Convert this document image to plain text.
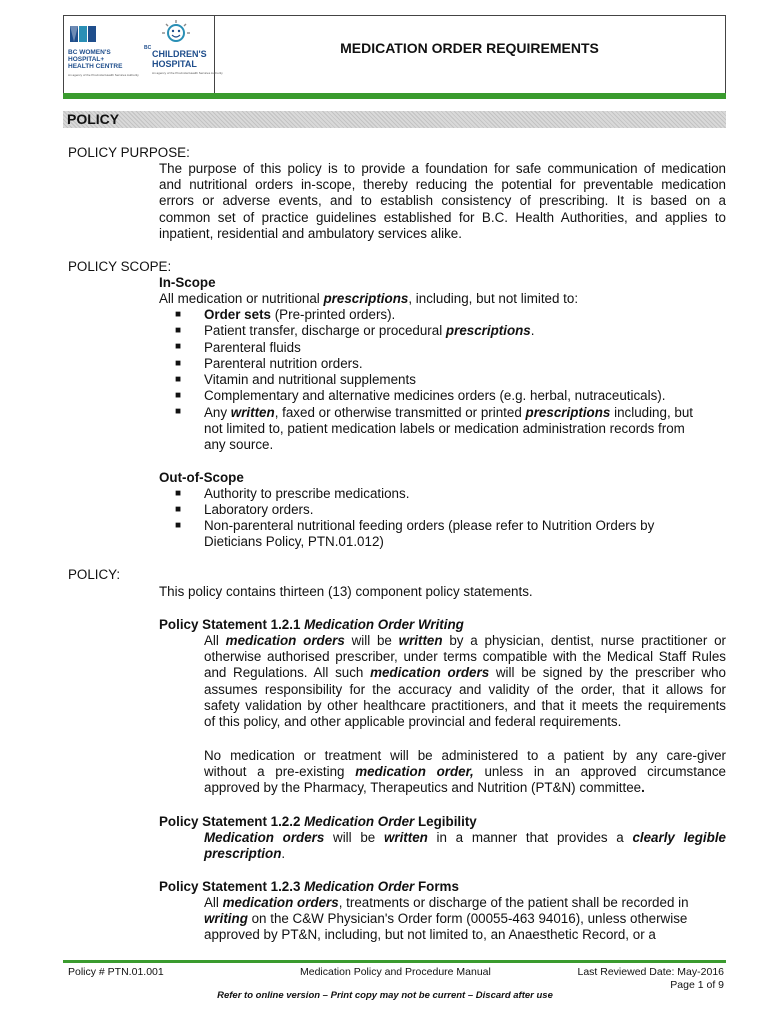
BC WOMEN'S
HOSPITAL+
HEALTH CENTRE
An agency of the Provincial Health Services Authority
BC
CHILDREN'S
HOSPITAL
An agency of the Provincial Health Services Authority
MEDICATION ORDER REQUIREMENTS
POLICY
POLICY PURPOSE:
The purpose of this policy is to provide a foundation for safe communication of medication
and nutritional orders in-scope, thereby reducing the potential for preventable medication
errors or adverse events, and to establish consistency of prescribing. It is based on a
common set of practice guidelines established for B.C. Health Authorities, and applies to
inpatient, residential and ambulatory services alike.
POLICY SCOPE:
In-Scope
All medication or nutritional prescriptions, including, but not limited to:
■ Order sets (Pre-printed orders).
■ Patient transfer, discharge or procedural prescriptions.
■ Parenteral fluids
■ Parenteral nutrition orders.
■ Vitamin and nutritional supplements
■ Complementary and alternative medicines orders (e.g. herbal, nutraceuticals).
■ Any written, faxed or otherwise transmitted or printed prescriptions including, but
not limited to, patient medication labels or medication administration records from
any source.
Out-of-Scope
■ Authority to prescribe medications.
■ Laboratory orders.
■ Non-parenteral nutritional feeding orders (please refer to Nutrition Orders by
Dieticians Policy, PTN.01.012)
POLICY:
This policy contains thirteen (13) component policy statements.
Policy Statement 1.2.1 Medication Order Writing
All medication orders will be written by a physician, dentist, nurse practitioner or
otherwise authorised prescriber, under terms compatible with the Medical Staff Rules
and Regulations. All such medication orders will be signed by the prescriber who
assumes responsibility for the accuracy and validity of the order, that it allows for
safety validation by other healthcare practitioners, and that it meets the requirements
of this policy, and other applicable provincial and federal requirements.
No medication or treatment will be administered to a patient by any care-giver
without a pre-existing medication order, unless in an approved circumstance
approved by the Pharmacy, Therapeutics and Nutrition (PT&N) committee.
Policy Statement 1.2.2 Medication Order Legibility
Medication orders will be written in a manner that provides a clearly legible
prescription.
Policy Statement 1.2.3 Medication Order Forms
All medication orders, treatments or discharge of the patient shall be recorded in
writing on the C&W Physician's Order form (00055-463 94016), unless otherwise
approved by PT&N, including, but not limited to, an Anaesthetic Record, or a
Policy # PTN.01.001	Medication Policy and Procedure Manual	Last Reviewed Date: May-2016
Page 1 of 9
Refer to online version – Print copy may not be current – Discard after use
